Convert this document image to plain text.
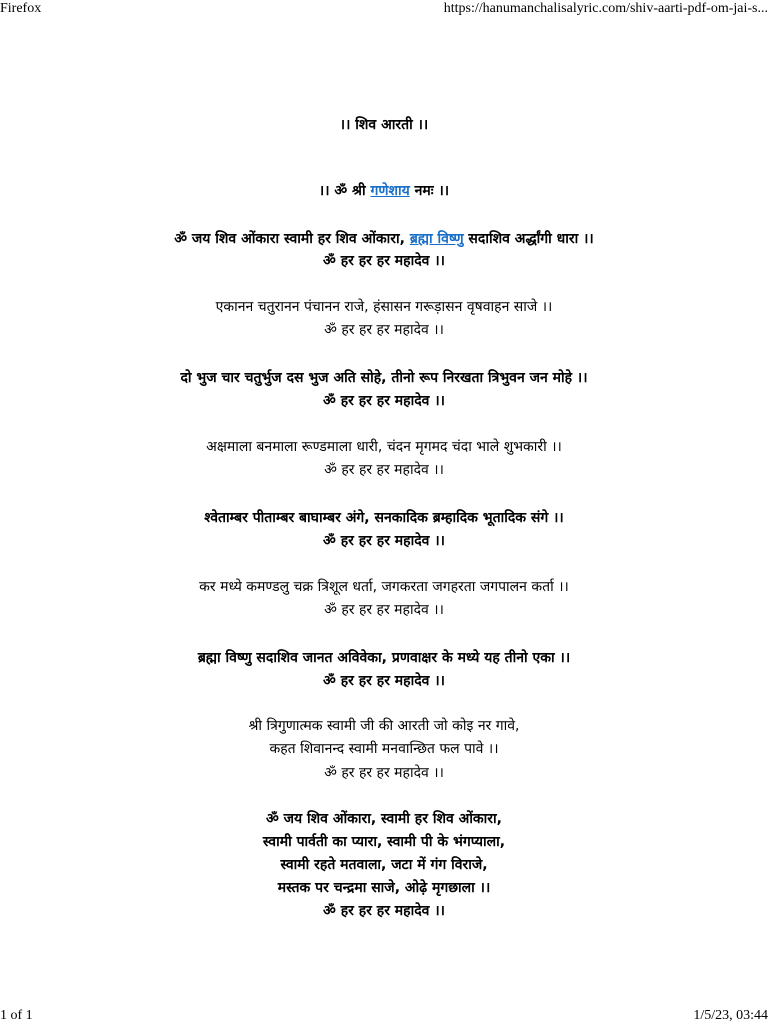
Firefox	https://hanumanchalisalyric.com/shiv-aarti-pdf-om-jai-s...
।। शिव आरती ।।
।। ॐ श्री गणेशाय नमः ।।
ॐ जय शिव ओंकारा स्वामी हर शिव ओंकारा, ब्रह्मा विष्णु सदाशिव अर्द्धांगी धारा ।।
ॐ हर हर हर महादेव ।।
एकानन चतुरानन पंचानन राजे, हंसासन गरूड़ासन वृषवाहन साजे ।।
ॐ हर हर हर महादेव ।।
दो भुज चार चतुर्भुज दस भुज अति सोहे, तीनो रूप निरखता त्रिभुवन जन मोहे ।।
ॐ हर हर हर महादेव ।।
अक्षमाला बनमाला रूण्डमाला धारी, चंदन मृगमद चंदा भाले शुभकारी ।।
ॐ हर हर हर महादेव ।।
श्वेताम्बर पीताम्बर बाघाम्बर अंगे, सनकादिक ब्रम्हादिक भूतादिक संगे ।।
ॐ हर हर हर महादेव ।।
कर मध्ये कमण्डलु चक्र त्रिशूल धर्ता, जगकरता जगहरता जगपालन कर्ता ।।
ॐ हर हर हर महादेव ।।
ब्रह्मा विष्णु सदाशिव जानत अविवेका, प्रणवाक्षर के मध्ये यह तीनो एका ।।
ॐ हर हर हर महादेव ।।
श्री त्रिगुणात्मक स्वामी जी की आरती जो कोइ नर गावे,
कहत शिवानन्द स्वामी मनवान्छित फल पावे ।।
ॐ हर हर हर महादेव ।।
ॐ जय शिव ओंकारा, स्वामी हर शिव ओंकारा,
स्वामी पार्वती का प्यारा, स्वामी पी के भंगप्याला,
स्वामी रहते मतवाला, जटा में गंग विराजे,
मस्तक पर चन्द्रमा साजे, ओढ़े मृगछाला ।।
ॐ हर हर हर महादेव ।।
1 of 1	1/5/23, 03:44
